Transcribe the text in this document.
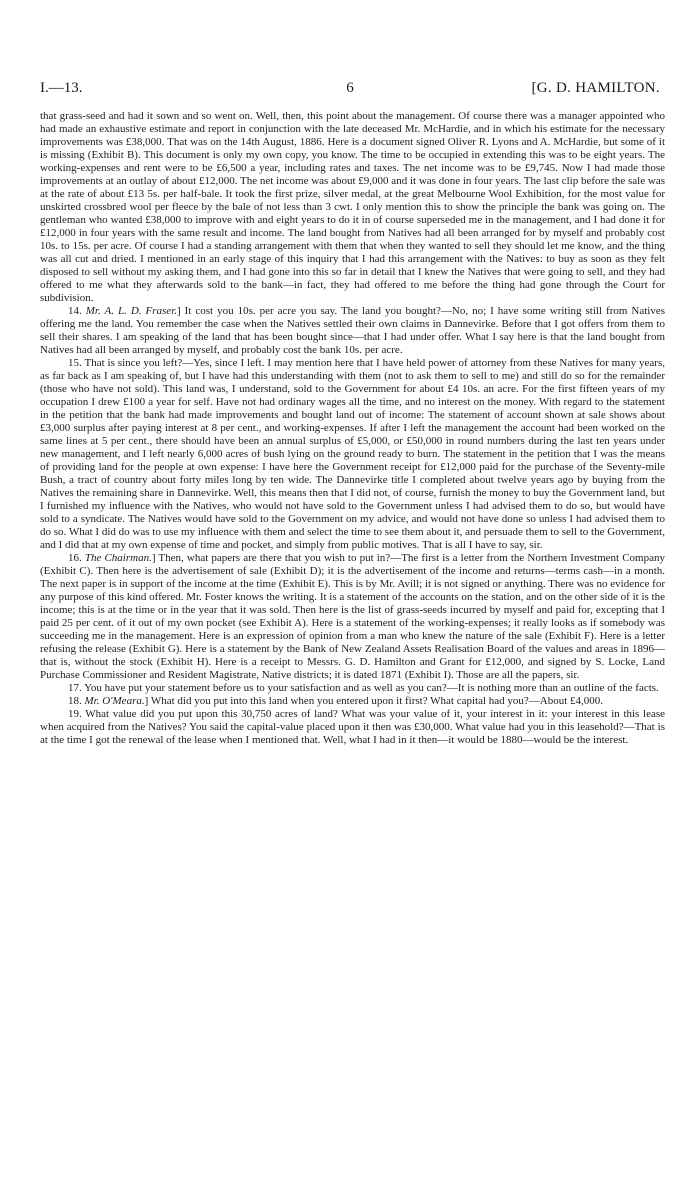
I.—13.	6	[G. D. HAMILTON.

that grass-seed and had it sown and so went on. Well, then, this point about the management. Of course there was a manager appointed who had made an exhaustive estimate and report in conjunction with the late deceased Mr. McHardie, and in which his estimate for the necessary improvements was £38,000. That was on the 14th August, 1886. Here is a document signed Oliver R. Lyons and A. McHardie, but some of it is missing (Exhibit B). This document is only my own copy, you know. The time to be occupied in extending this was to be eight years. The working-expenses and rent were to be £6,500 a year, including rates and taxes. The net income was to be £9,745. Now I had made those improvements at an outlay of about £12,000. The net income was about £9,000 and it was done in four years. The last clip before the sale was at the rate of about £13 5s. per half-bale. It took the first prize, silver medal, at the great Melbourne Wool Exhibition, for the most value for unskirted crossbred wool per fleece by the bale of not less than 3 cwt. I only mention this to show the principle the bank was going on. The gentleman who wanted £38,000 to improve with and eight years to do it in of course superseded me in the management, and I had done it for £12,000 in four years with the same result and income. The land bought from Natives had all been arranged for by myself and probably cost 10s. to 15s. per acre. Of course I had a standing arrangement with them that when they wanted to sell they should let me know, and the thing was all cut and dried. I mentioned in an early stage of this inquiry that I had this arrangement with the Natives: to buy as soon as they felt disposed to sell without my asking them, and I had gone into this so far in detail that I knew the Natives that were going to sell, and they had offered to me what they afterwards sold to the bank—in fact, they had offered to me before the thing had gone through the Court for subdivision.

14. Mr. A. L. D. Fraser.] It cost you 10s. per acre you say. The land you bought?—No, no; I have some writing still from Natives offering me the land. You remember the case when the Natives settled their own claims in Dannevirke. Before that I got offers from them to sell their shares. I am speaking of the land that has been bought since—that I had under offer. What I say here is that the land bought from Natives had all been arranged by myself, and probably cost the bank 10s. per acre.

15. That is since you left?—Yes, since I left. I may mention here that I have held power of attorney from these Natives for many years, as far back as I am speaking of, but I have had this understanding with them (not to ask them to sell to me) and still do so for the remainder (those who have not sold). This land was, I understand, sold to the Government for about £4 10s. an acre. For the first fifteen years of my occupation I drew £100 a year for self. Have not had ordinary wages all the time, and no interest on the money. With regard to the statement in the petition that the bank had made improvements and bought land out of income: The statement of account shown at sale shows about £3,000 surplus after paying interest at 8 per cent., and working-expenses. If after I left the management the account had been worked on the same lines at 5 per cent., there should have been an annual surplus of £5,000, or £50,000 in round numbers during the last ten years under new management, and I left nearly 6,000 acres of bush lying on the ground ready to burn. The statement in the petition that I was the means of providing land for the people at own expense: I have here the Government receipt for £12,000 paid for the purchase of the Seventy-mile Bush, a tract of country about forty miles long by ten wide. The Dannevirke title I completed about twelve years ago by buying from the Natives the remaining share in Dannevirke. Well, this means then that I did not, of course, furnish the money to buy the Government land, but I furnished my influence with the Natives, who would not have sold to the Government unless I had advised them to do so, but would have sold to a syndicate. The Natives would have sold to the Government on my advice, and would not have done so unless I had advised them to do so. What I did do was to use my influence with them and select the time to see them about it, and persuade them to sell to the Government, and I did that at my own expense of time and pocket, and simply from public motives. That is all I have to say, sir.

16. The Chairman.] Then, what papers are there that you wish to put in?—The first is a letter from the Northern Investment Company (Exhibit C). Then here is the advertisement of sale (Exhibit D); it is the advertisement of the income and returns—terms cash—in a month. The next paper is in support of the income at the time (Exhibit E). This is by Mr. Avill; it is not signed or anything. There was no evidence for any purpose of this kind offered. Mr. Foster knows the writing. It is a statement of the accounts on the station, and on the other side of it is the income; this is at the time or in the year that it was sold. Then here is the list of grass-seeds incurred by myself and paid for, excepting that I paid 25 per cent. of it out of my own pocket (see Exhibit A). Here is a statement of the working-expenses; it really looks as if somebody was succeeding me in the management. Here is an expression of opinion from a man who knew the nature of the sale (Exhibit F). Here is a letter refusing the release (Exhibit G). Here is a statement by the Bank of New Zealand Assets Realisation Board of the values and areas in 1896—that is, without the stock (Exhibit H). Here is a receipt to Messrs. G. D. Hamilton and Grant for £12,000, and signed by S. Locke, Land Purchase Commissioner and Resident Magistrate, Native districts; it is dated 1871 (Exhibit I). Those are all the papers, sir.

17. You have put your statement before us to your satisfaction and as well as you can?—It is nothing more than an outline of the facts.

18. Mr. O'Meara.] What did you put into this land when you entered upon it first? What capital had you?—About £4,000.

19. What value did you put upon this 30,750 acres of land? What was your value of it, your interest in it: your interest in this lease when acquired from the Natives? You said the capital-value placed upon it then was £30,000. What value had you in this leasehold?—That is at the time I got the renewal of the lease when I mentioned that. Well, what I had in it then—it would be 1880—would be the interest.
